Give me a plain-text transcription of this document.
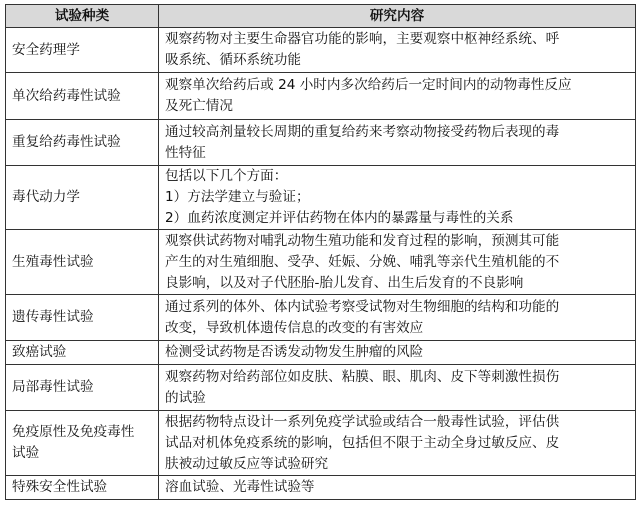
试验种类	研究内容
安全药理学	观察药物对主要生命器官功能的影响，主要观察中枢神经系统、呼
吸系统、循环系统功能

单次给药毒性试验	观察单次给药后或 24 小时内多次给药后一定时间内的动物毒性反应
及死亡情况

重复给药毒性试验	通过较高剂量较长周期的重复给药来考察动物接受药物后表现的毒
性特征

毒代动力学	包括以下几个方面：
1）方法学建立与验证；
2）血药浓度测定并评估药物在体内的暴露量与毒性的关系

生殖毒性试验	观察供试药物对哺乳动物生殖功能和发育过程的影响，预测其可能
产生的对生殖细胞、受孕、妊娠、分娩、哺乳等亲代生殖机能的不
良影响，以及对子代胚胎-胎儿发育、出生后发育的不良影响

遗传毒性试验	通过系列的体外、体内试验考察受试物对生物细胞的结构和功能的
改变，导致机体遗传信息的改变的有害效应

致癌试验	检测受试药物是否诱发动物发生肿瘤的风险

局部毒性试验	观察药物对给药部位如皮肤、粘膜、眼、肌肉、皮下等刺激性损伤
的试验

免疫原性及免疫毒性
试验	根据药物特点设计一系列免疫学试验或结合一般毒性试验，评估供
试品对机体免疫系统的影响，包括但不限于主动全身过敏反应、皮
肤被动过敏反应等试验研究

特殊安全性试验	溶血试验、光毒性试验等
